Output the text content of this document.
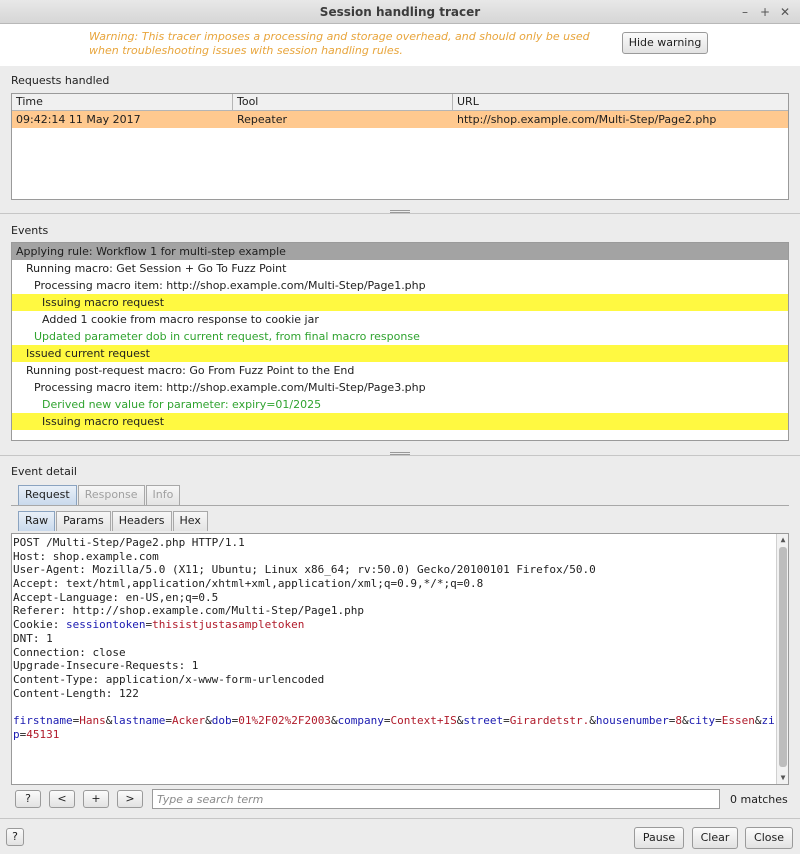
Session handling tracer	– + ✕
Warning: This tracer imposes a processing and storage overhead, and should only be used when troubleshooting issues with session handling rules.
Hide warning
Requests handled
Time	Tool	URL
09:42:14 11 May 2017	Repeater	http://shop.example.com/Multi-Step/Page2.php
Events
Applying rule: Workflow 1 for multi-step example
Running macro: Get Session + Go To Fuzz Point
Processing macro item: http://shop.example.com/Multi-Step/Page1.php
Issuing macro request
Added 1 cookie from macro response to cookie jar
Updated parameter dob in current request, from final macro response
Issued current request
Running post-request macro: Go From Fuzz Point to the End
Processing macro item: http://shop.example.com/Multi-Step/Page3.php
Derived new value for parameter: expiry=01/2025
Issuing macro request
Event detail
Request	Response	Info
Raw	Params	Headers	Hex
POST /Multi-Step/Page2.php HTTP/1.1
Host: shop.example.com
User-Agent: Mozilla/5.0 (X11; Ubuntu; Linux x86_64; rv:50.0) Gecko/20100101 Firefox/50.0
Accept: text/html,application/xhtml+xml,application/xml;q=0.9,*/*;q=0.8
Accept-Language: en-US,en;q=0.5
Referer: http://shop.example.com/Multi-Step/Page1.php
Cookie: sessiontoken=thisistjustasampletoken
DNT: 1
Connection: close
Upgrade-Insecure-Requests: 1
Content-Type: application/x-www-form-urlencoded
Content-Length: 122
firstname=Hans&lastname=Acker&dob=01%2F02%2F2003&company=Context+IS&street=Girardetstr.&housenumber=8&city=Essen&zi
p=45131
▲
▼
?	<	+	>
Type a search term	0 matches
?	Pause	Clear	Close
